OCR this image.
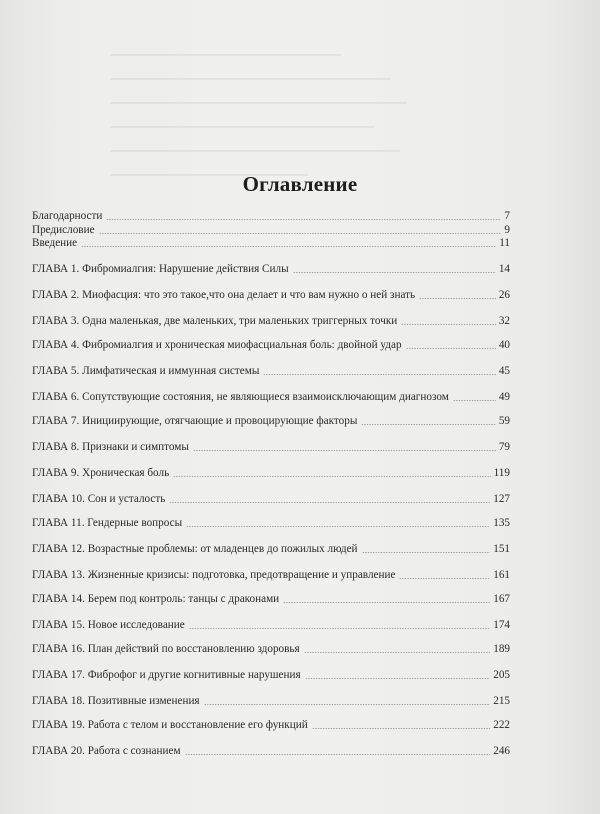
Оглавление
Благодарности	7
Предисловие	9
Введение	11
ГЛАВА 1. Фибромиалгия: Нарушение действия Силы	14
ГЛАВА 2. Миофасция: что это такое,что она делает и что вам нужно о ней знать	26
ГЛАВА 3. Одна маленькая, две маленьких, три маленьких триггерных точки	32
ГЛАВА 4. Фибромиалгия и хроническая миофасциальная боль: двойной удар	40
ГЛАВА 5. Лимфатическая и иммунная системы	45
ГЛАВА 6. Сопутствующие состояния, не являющиеся взаимоисключающим диагнозом	49
ГЛАВА 7. Инициирующие, отягчающие и провоцирующие факторы	59
ГЛАВА 8. Признаки и симптомы	79
ГЛАВА 9. Хроническая боль	119
ГЛАВА 10. Сон и усталость	127
ГЛАВА 11. Гендерные вопросы	135
ГЛАВА 12. Возрастные проблемы: от младенцев до пожилых людей	151
ГЛАВА 13. Жизненные кризисы: подготовка, предотвращение и управление	161
ГЛАВА 14. Берем под контроль: танцы с драконами	167
ГЛАВА 15. Новое исследование	174
ГЛАВА 16. План действий по восстановлению здоровья	189
ГЛАВА 17. Фиброфог и другие когнитивные нарушения	205
ГЛАВА 18. Позитивные изменения	215
ГЛАВА 19. Работа с телом и восстановление его функций	222
ГЛАВА 20. Работа с сознанием	246
